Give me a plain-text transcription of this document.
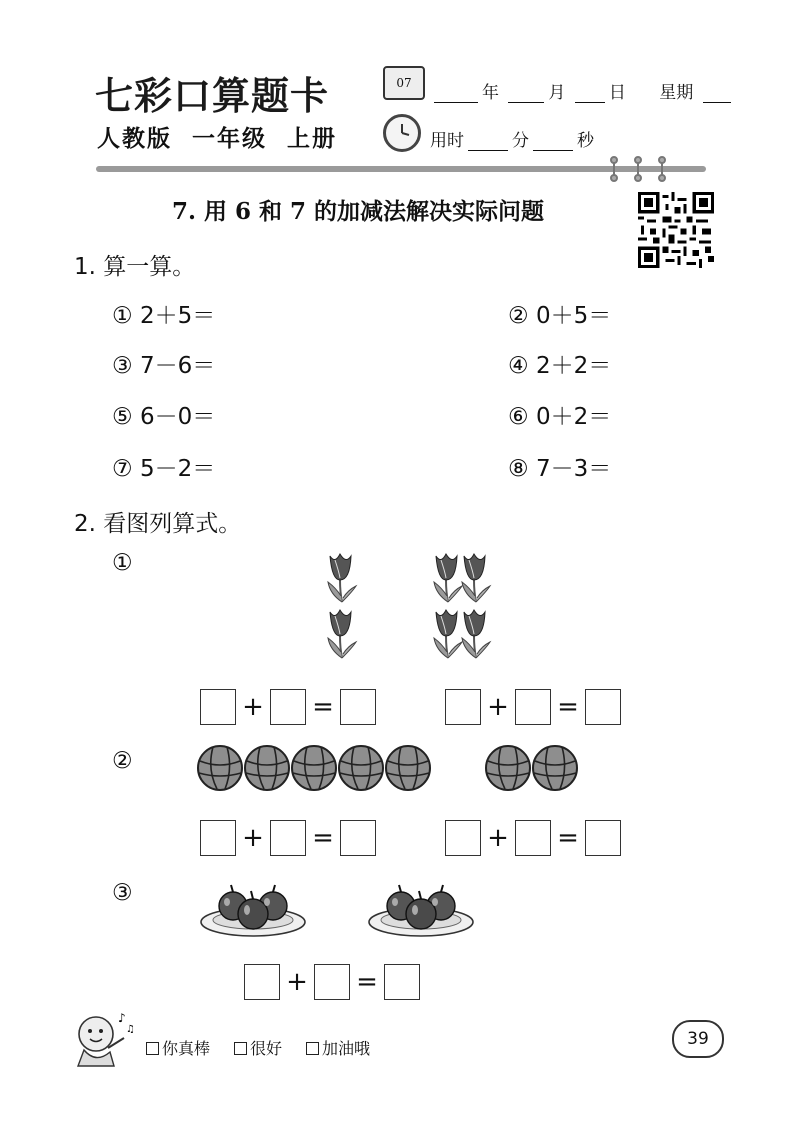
七彩口算题卡
人教版  一年级  上册
07	年	月	日 星期
用时	分	秒
7. 用 6 和 7 的加减法解决实际问题
1. 算一算。
① 2＋5＝	② 0＋5＝
③ 7－6＝	④ 2＋2＝
⑤ 6－0＝	⑥ 0＋2＝
⑦ 5－2＝	⑧ 7－3＝
2. 看图列算式。
①
+ =	+ =
②
+ =	+ =
③
+ =
♪
♫
你真棒	很好	加油哦	39
